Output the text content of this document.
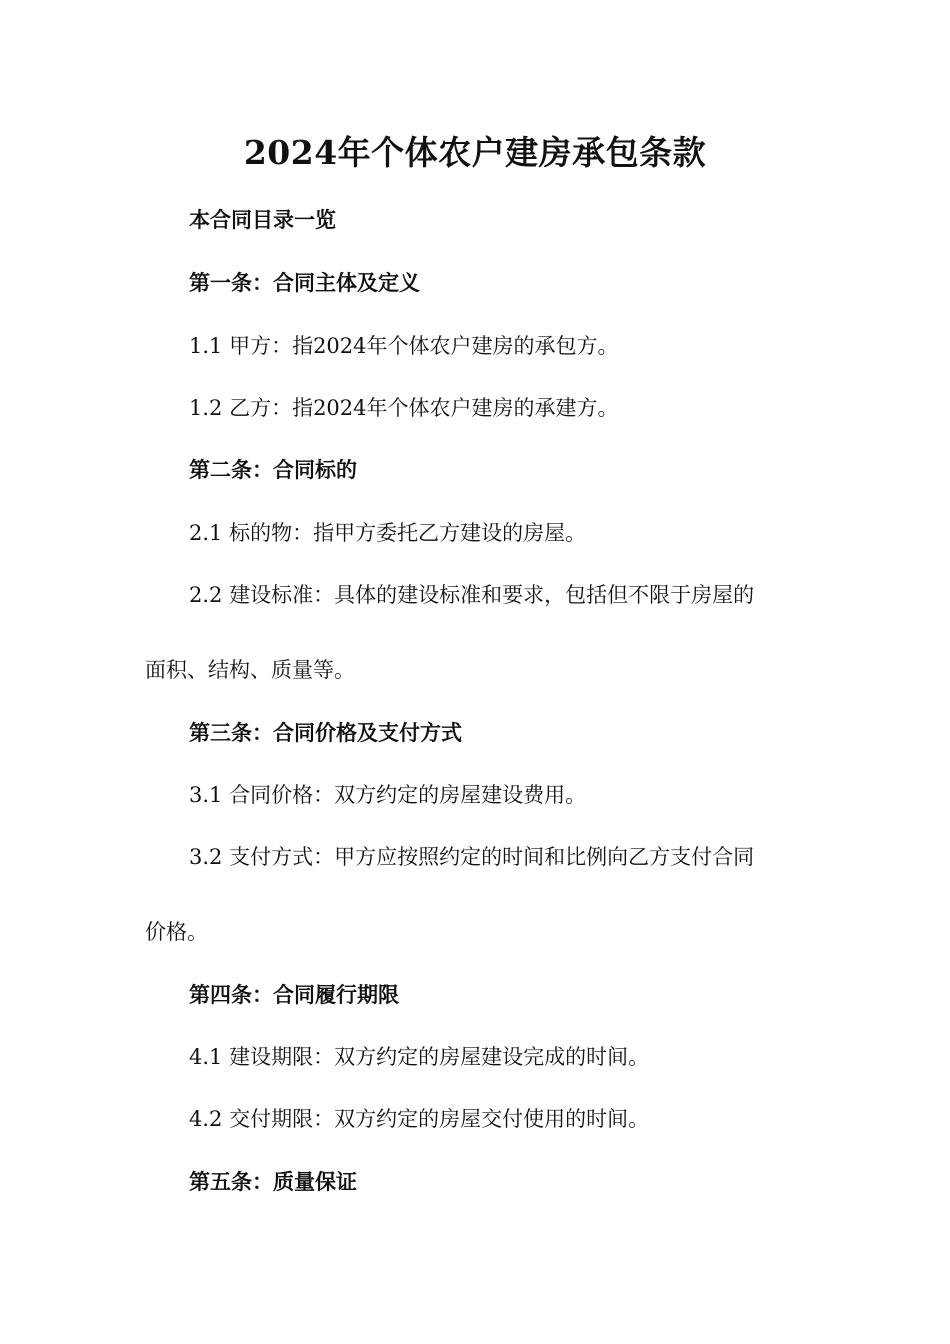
2024年个体农户建房承包条款
本合同目录一览
第一条：合同主体及定义
1.1 甲方：指2024年个体农户建房的承包方。
1.2 乙方：指2024年个体农户建房的承建方。
第二条：合同标的
2.1 标的物：指甲方委托乙方建设的房屋。
2.2 建设标准：具体的建设标准和要求，包括但不限于房屋的
面积、结构、质量等。
第三条：合同价格及支付方式
3.1 合同价格：双方约定的房屋建设费用。
3.2 支付方式：甲方应按照约定的时间和比例向乙方支付合同
价格。
第四条：合同履行期限
4.1 建设期限：双方约定的房屋建设完成的时间。
4.2 交付期限：双方约定的房屋交付使用的时间。
第五条：质量保证
